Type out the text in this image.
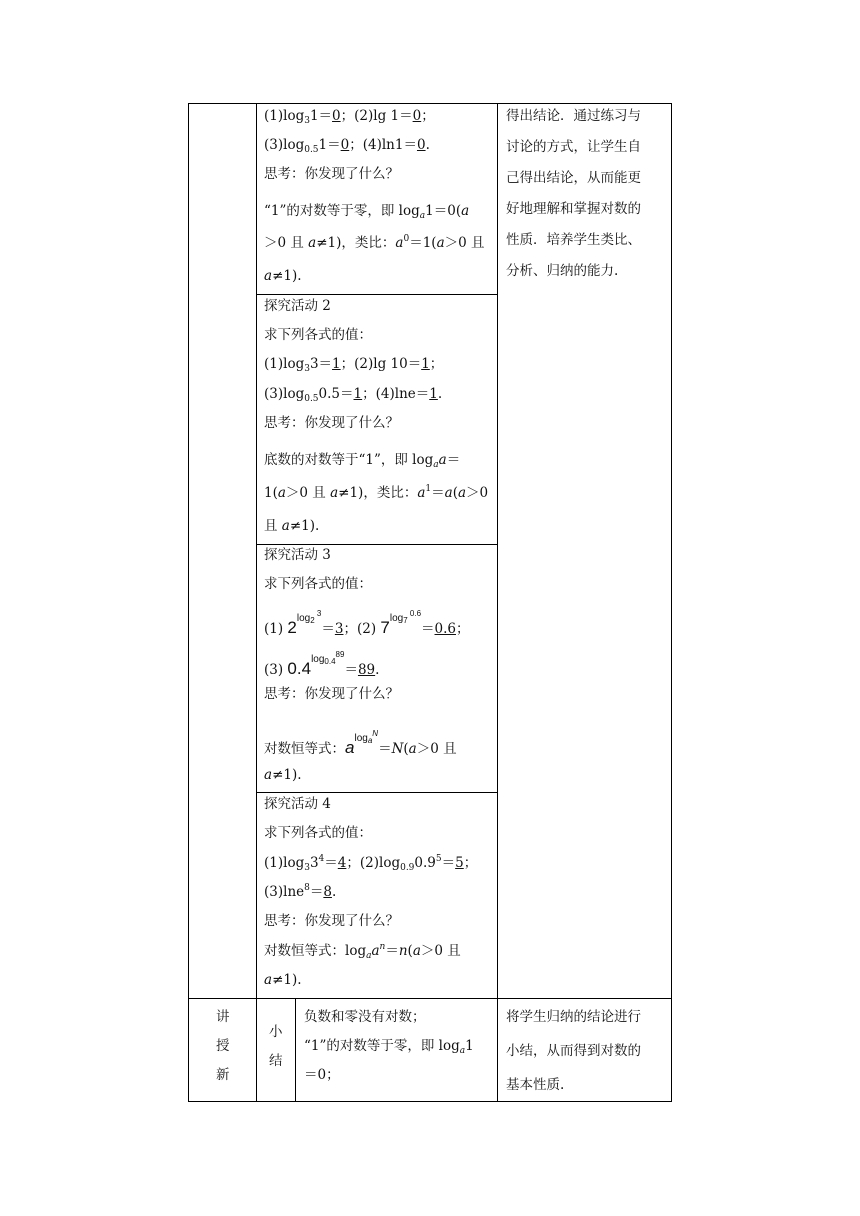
$(1)\log_31=0$；(2)lg 1＝0；
$(3)\log_{0.5}1=0$；(4)ln1＝0.
思考：你发现了什么？
“1”的对数等于零，即 $\log_a1=0(a$
＞0 且 a≠1)，类比：$a^0=1(a>0$ 且
a≠1).
探究活动 2
求下列各式的值：
$(1)\log_33=1$；(2)lg 10＝1；
$(3)\log_{0.5}0.5=1$；(4)lne＝1.
思考：你发现了什么？
底数的对数等于“1”，即 $\log_aa=$
1(a＞0 且 a≠1)，类比：$a^1=a(a>0$
且 a≠1).
探究活动 3
求下列各式的值：
(1) $2^{log_2 ^3}=3$；(2) $7^{log_7 ^{0.6}}=0.6$；
(3) $0.4^{log_{0.4}^{89}}=89$.
思考：你发现了什么？
对数恒等式：$a^{log_a^N}=N(a>0$ 且
a≠1).
探究活动 4
求下列各式的值：
$(1)\log_33^4=4$；$(2)\log_{0.9}0.9^5=5$；
(3)lne$^8$＝8.
思考：你发现了什么？
对数恒等式：$\log_aa^n=n(a>0$ 且
a≠1).
得出结论．通过练习与
讨论的方式，让学生自
己得出结论，从而能更
好地理解和掌握对数的
性质．培养学生类比、
分析、归纳的能力.
讲
授
新
小
结
负数和零没有对数；
“1”的对数等于零，即 $\log_a1$
＝0；
将学生归纳的结论进行
小结，从而得到对数的
基本性质.
